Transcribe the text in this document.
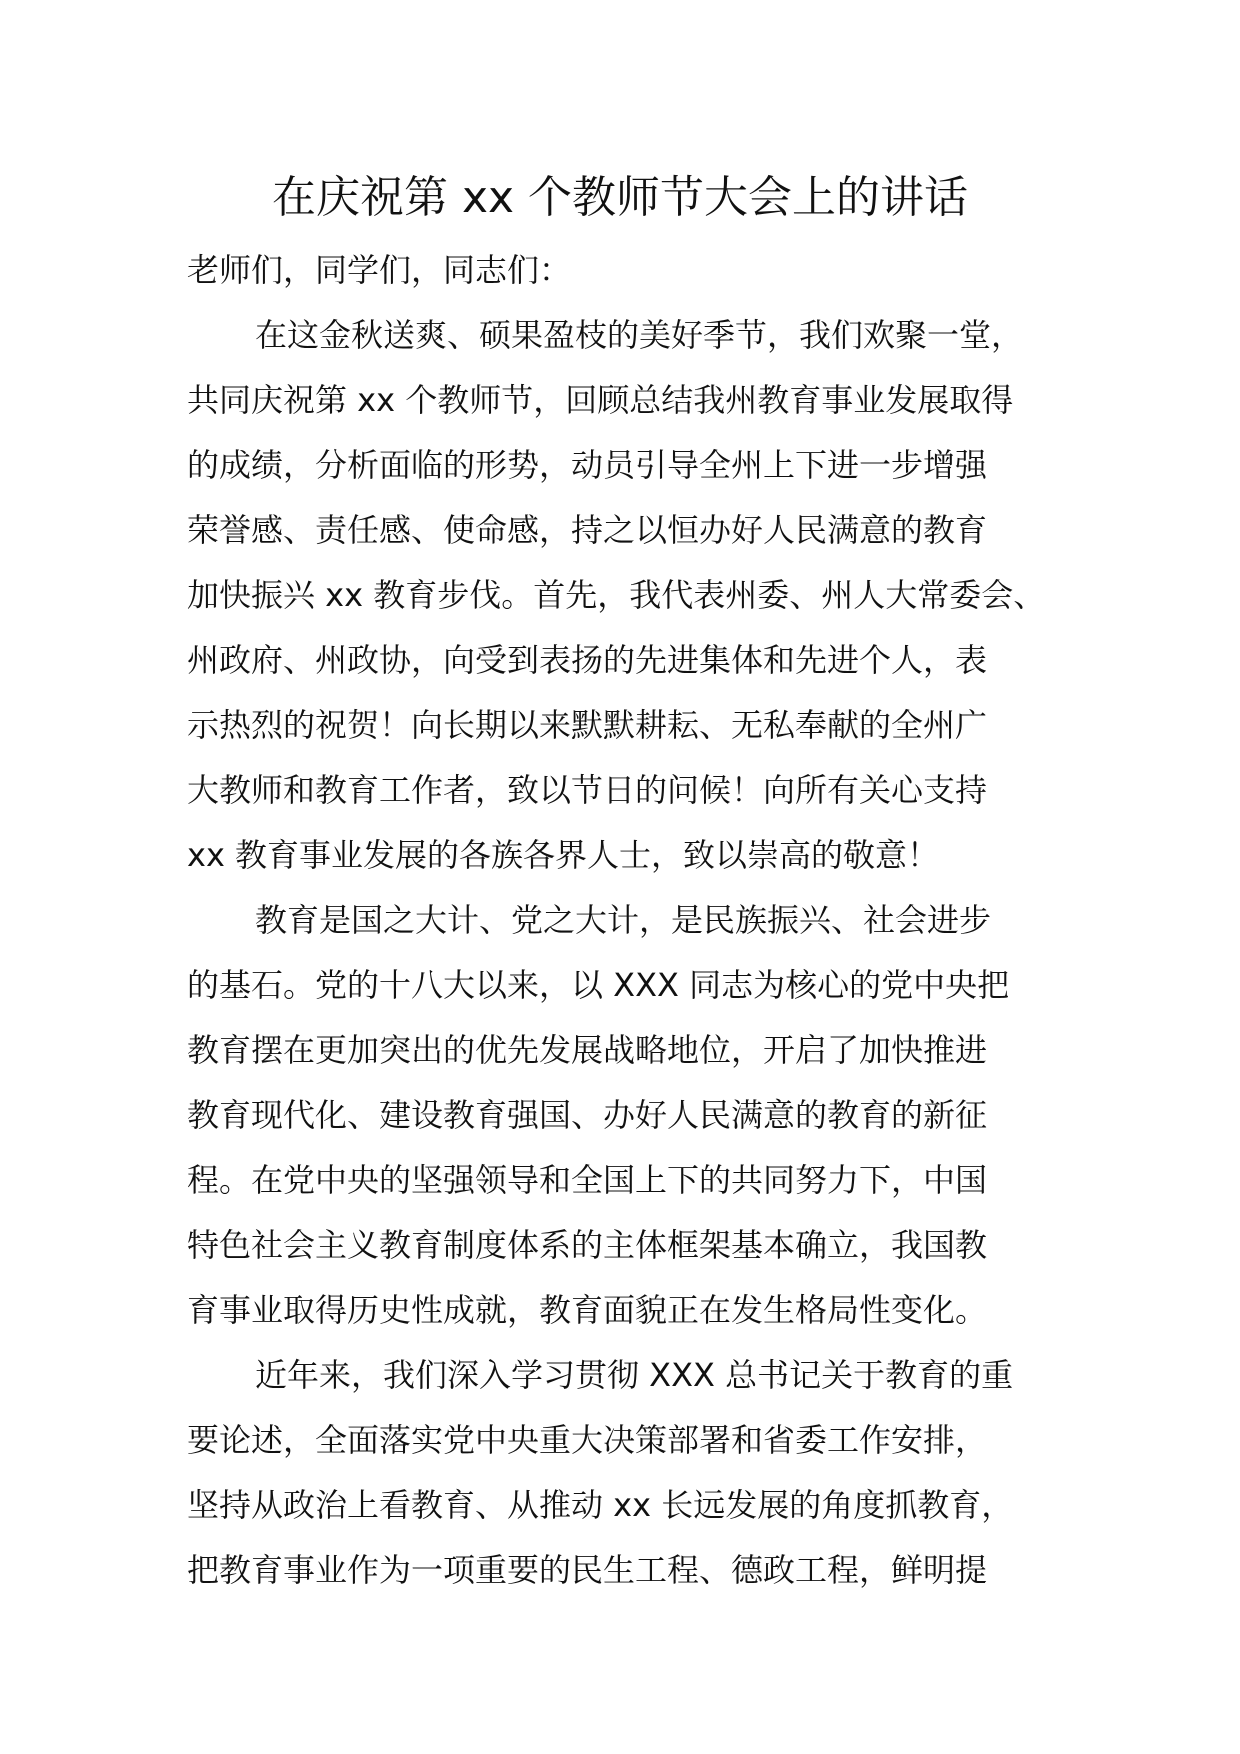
在庆祝第 xx 个教师节大会上的讲话
老师们，同学们，同志们：
在这金秋送爽、硕果盈枝的美好季节，我们欢聚一堂，
共同庆祝第 xx 个教师节，回顾总结我州教育事业发展取得
的成绩，分析面临的形势，动员引导全州上下进一步增强
荣誉感、责任感、使命感，持之以恒办好人民满意的教育
加快振兴 xx 教育步伐。首先，我代表州委、州人大常委会、
州政府、州政协，向受到表扬的先进集体和先进个人，表
示热烈的祝贺！向长期以来默默耕耘、无私奉献的全州广
大教师和教育工作者，致以节日的问候！向所有关心支持
xx 教育事业发展的各族各界人士，致以崇高的敬意！
教育是国之大计、党之大计，是民族振兴、社会进步
的基石。党的十八大以来，以 XXX 同志为核心的党中央把
教育摆在更加突出的优先发展战略地位，开启了加快推进
教育现代化、建设教育强国、办好人民满意的教育的新征
程。在党中央的坚强领导和全国上下的共同努力下，中国
特色社会主义教育制度体系的主体框架基本确立，我国教
育事业取得历史性成就，教育面貌正在发生格局性变化。
近年来，我们深入学习贯彻 XXX 总书记关于教育的重
要论述，全面落实党中央重大决策部署和省委工作安排，
坚持从政治上看教育、从推动 xx 长远发展的角度抓教育，
把教育事业作为一项重要的民生工程、德政工程，鲜明提
